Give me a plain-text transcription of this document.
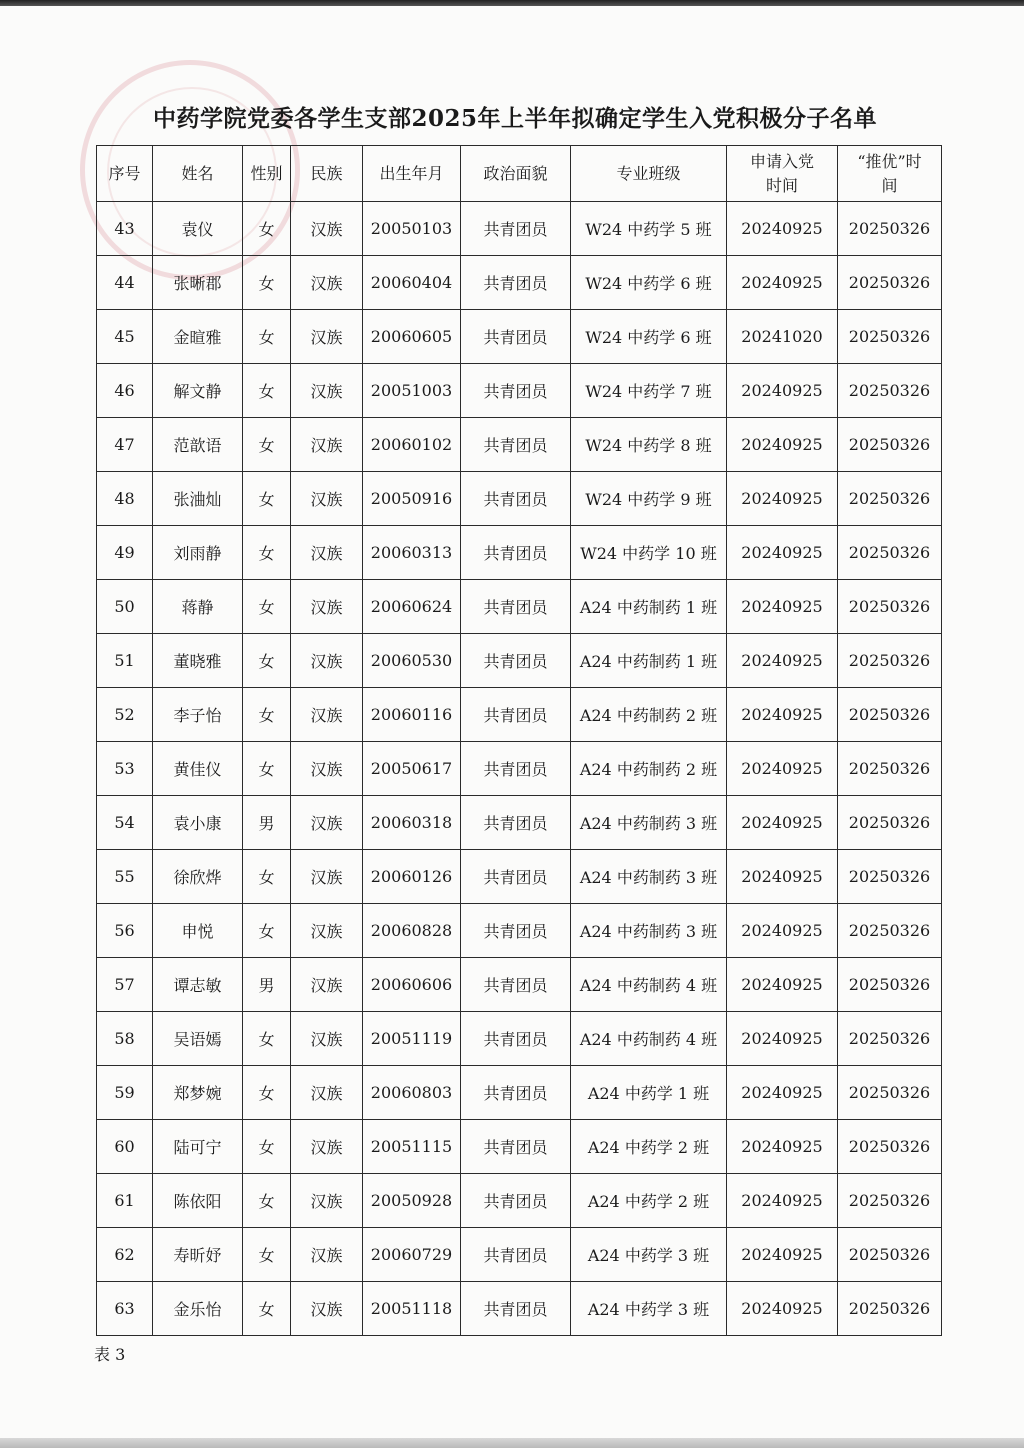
中药学院党委各学生支部2025年上半年拟确定学生入党积极分子名单
序号	姓名	性别	民族	出生年月	政治面貌	专业班级	申请入党时间	“推优”时间
43	袁仪	女	汉族	20050103	共青团员	W24 中药学 5 班	20240925	20250326
44	张晰郡	女	汉族	20060404	共青团员	W24 中药学 6 班	20240925	20250326
45	金暄雅	女	汉族	20060605	共青团员	W24 中药学 6 班	20241020	20250326
46	解文静	女	汉族	20051003	共青团员	W24 中药学 7 班	20240925	20250326
47	范歆语	女	汉族	20060102	共青团员	W24 中药学 8 班	20240925	20250326
48	张浀灿	女	汉族	20050916	共青团员	W24 中药学 9 班	20240925	20250326
49	刘雨静	女	汉族	20060313	共青团员	W24 中药学 10 班	20240925	20250326
50	蒋静	女	汉族	20060624	共青团员	A24 中药制药 1 班	20240925	20250326
51	董晓雅	女	汉族	20060530	共青团员	A24 中药制药 1 班	20240925	20250326
52	李子怡	女	汉族	20060116	共青团员	A24 中药制药 2 班	20240925	20250326
53	黄佳仪	女	汉族	20050617	共青团员	A24 中药制药 2 班	20240925	20250326
54	袁小康	男	汉族	20060318	共青团员	A24 中药制药 3 班	20240925	20250326
55	徐欣烨	女	汉族	20060126	共青团员	A24 中药制药 3 班	20240925	20250326
56	申悦	女	汉族	20060828	共青团员	A24 中药制药 3 班	20240925	20250326
57	谭志敏	男	汉族	20060606	共青团员	A24 中药制药 4 班	20240925	20250326
58	吴语嫣	女	汉族	20051119	共青团员	A24 中药制药 4 班	20240925	20250326
59	郑梦婉	女	汉族	20060803	共青团员	A24 中药学 1 班	20240925	20250326
60	陆可宁	女	汉族	20051115	共青团员	A24 中药学 2 班	20240925	20250326
61	陈依阳	女	汉族	20050928	共青团员	A24 中药学 2 班	20240925	20250326
62	寿昕妤	女	汉族	20060729	共青团员	A24 中药学 3 班	20240925	20250326
63	金乐怡	女	汉族	20051118	共青团员	A24 中药学 3 班	20240925	20250326
表 3
